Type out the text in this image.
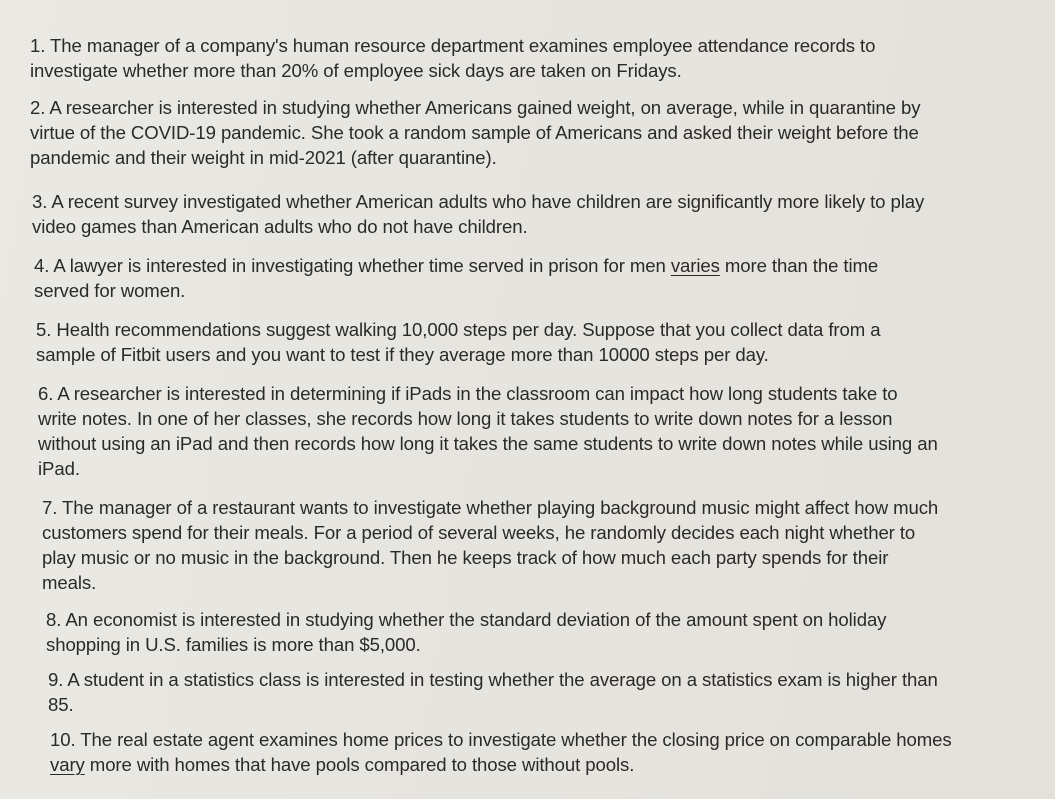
1. The manager of a company's human resource department examines employee attendance records to
investigate whether more than 20% of employee sick days are taken on Fridays.
2. A researcher is interested in studying whether Americans gained weight, on average, while in quarantine by
virtue of the COVID-19 pandemic. She took a random sample of Americans and asked their weight before the
pandemic and their weight in mid-2021 (after quarantine).
3. A recent survey investigated whether American adults who have children are significantly more likely to play
video games than American adults who do not have children.
4. A lawyer is interested in investigating whether time served in prison for men varies more than the time
served for women.
5. Health recommendations suggest walking 10,000 steps per day. Suppose that you collect data from a
sample of Fitbit users and you want to test if they average more than 10000 steps per day.
6. A researcher is interested in determining if iPads in the classroom can impact how long students take to
write notes. In one of her classes, she records how long it takes students to write down notes for a lesson
without using an iPad and then records how long it takes the same students to write down notes while using an
iPad.
7. The manager of a restaurant wants to investigate whether playing background music might affect how much
customers spend for their meals. For a period of several weeks, he randomly decides each night whether to
play music or no music in the background. Then he keeps track of how much each party spends for their
meals.
8. An economist is interested in studying whether the standard deviation of the amount spent on holiday
shopping in U.S. families is more than $5,000.
9. A student in a statistics class is interested in testing whether the average on a statistics exam is higher than
85.
10. The real estate agent examines home prices to investigate whether the closing price on comparable homes
vary more with homes that have pools compared to those without pools.
